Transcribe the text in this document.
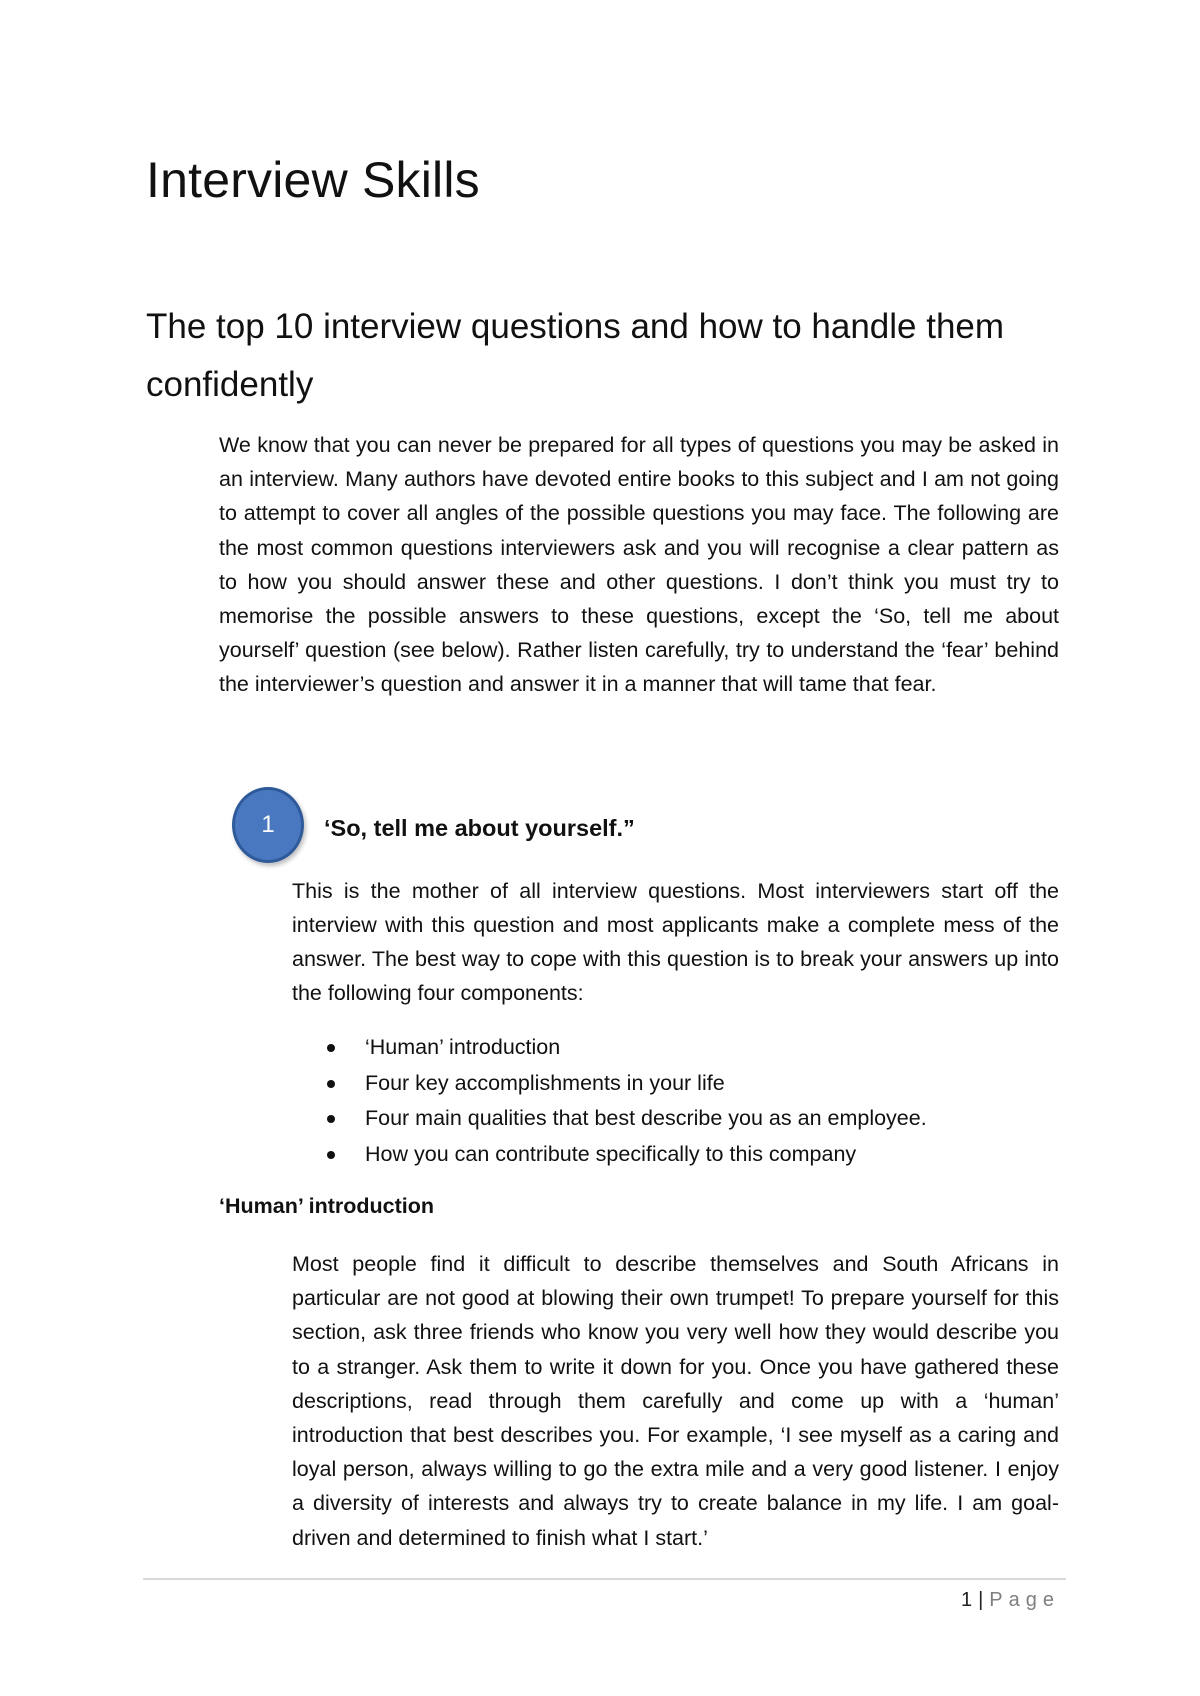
Interview Skills
The top 10 interview questions and how to handle them confidently

We know that you can never be prepared for all types of questions you may be asked in an interview. Many authors have devoted entire books to this subject and I am not going to attempt to cover all angles of the possible questions you may face. The following are the most common questions interviewers ask and you will recognise a clear pattern as to how you should answer these and other questions. I don’t think you must try to memorise the possible answers to these questions, except the ‘So, tell me about yourself’ question (see below). Rather listen carefully, try to understand the ‘fear’ behind the interviewer’s question and answer it in a manner that will tame that fear.

1 ‘So, tell me about yourself.”

This is the mother of all interview questions. Most interviewers start off the interview with this question and most applicants make a complete mess of the answer. The best way to cope with this question is to break your answers up into the following four components:

‘Human’ introduction
Four key accomplishments in your life
Four main qualities that best describe you as an employee.
How you can contribute specifically to this company
‘Human’ introduction

Most people find it difficult to describe themselves and South Africans in particular are not good at blowing their own trumpet! To prepare yourself for this section, ask three friends who know you very well how they would describe you to a stranger. Ask them to write it down for you. Once you have gathered these descriptions, read through them carefully and come up with a ‘human’ introduction that best describes you. For example, ‘I see myself as a caring and loyal person, always willing to go the extra mile and a very good listener. I enjoy a diversity of interests and always try to create balance in my life. I am goal-driven and determined to finish what I start.’

1 | Page
